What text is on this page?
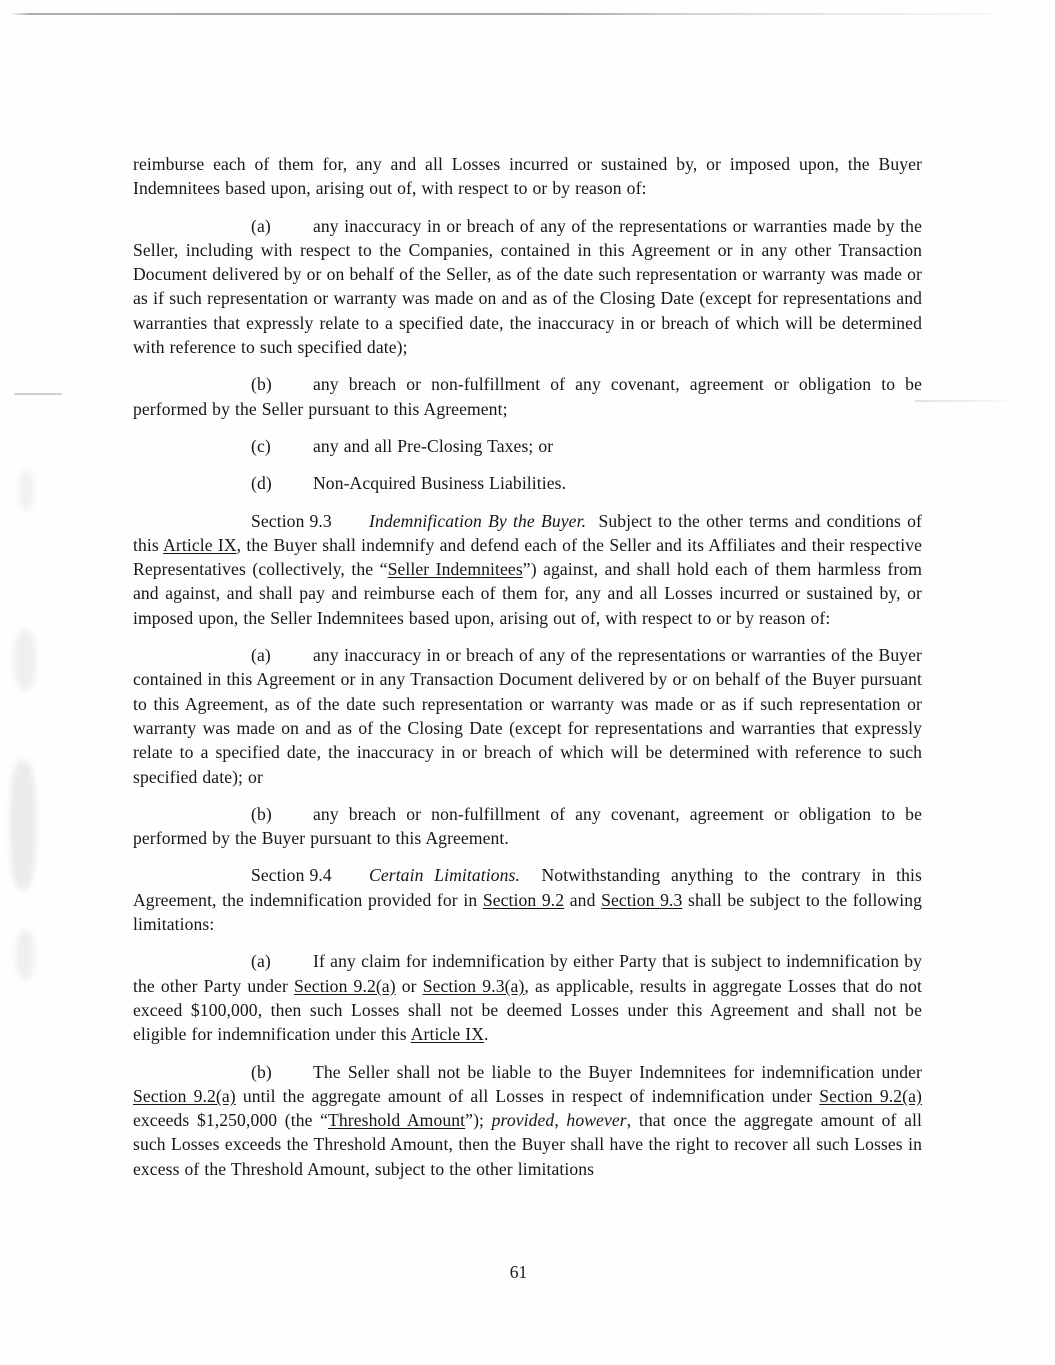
reimburse each of them for, any and all Losses incurred or sustained by, or imposed upon, the Buyer Indemnitees based upon, arising out of, with respect to or by reason of:

(a) any inaccuracy in or breach of any of the representations or warranties made by the Seller, including with respect to the Companies, contained in this Agreement or in any other Transaction Document delivered by or on behalf of the Seller, as of the date such representation or warranty was made or as if such representation or warranty was made on and as of the Closing Date (except for representations and warranties that expressly relate to a specified date, the inaccuracy in or breach of which will be determined with reference to such specified date);

(b) any breach or non-fulfillment of any covenant, agreement or obligation to be performed by the Seller pursuant to this Agreement;

(c) any and all Pre-Closing Taxes; or

(d) Non-Acquired Business Liabilities.

Section 9.3 Indemnification By the Buyer.  Subject to the other terms and conditions of this Article IX, the Buyer shall indemnify and defend each of the Seller and its Affiliates and their respective Representatives (collectively, the “Seller Indemnitees”) against, and shall hold each of them harmless from and against, and shall pay and reimburse each of them for, any and all Losses incurred or sustained by, or imposed upon, the Seller Indemnitees based upon, arising out of, with respect to or by reason of:

(a) any inaccuracy in or breach of any of the representations or warranties of the Buyer contained in this Agreement or in any Transaction Document delivered by or on behalf of the Buyer pursuant to this Agreement, as of the date such representation or warranty was made or as if such representation or warranty was made on and as of the Closing Date (except for representations and warranties that expressly relate to a specified date, the inaccuracy in or breach of which will be determined with reference to such specified date); or

(b) any breach or non-fulfillment of any covenant, agreement or obligation to be performed by the Buyer pursuant to this Agreement.

Section 9.4 Certain Limitations.  Notwithstanding anything to the contrary in this Agreement, the indemnification provided for in Section 9.2 and Section 9.3 shall be subject to the following limitations:

(a) If any claim for indemnification by either Party that is subject to indemnification by the other Party under Section 9.2(a) or Section 9.3(a), as applicable, results in aggregate Losses that do not exceed $100,000, then such Losses shall not be deemed Losses under this Agreement and shall not be eligible for indemnification under this Article IX.

(b) The Seller shall not be liable to the Buyer Indemnitees for indemnification under Section 9.2(a) until the aggregate amount of all Losses in respect of indemnification under Section 9.2(a) exceeds $1,250,000 (the “Threshold Amount”); provided, however, that once the aggregate amount of all such Losses exceeds the Threshold Amount, then the Buyer shall have the right to recover all such Losses in excess of the Threshold Amount, subject to the other limitations

61
